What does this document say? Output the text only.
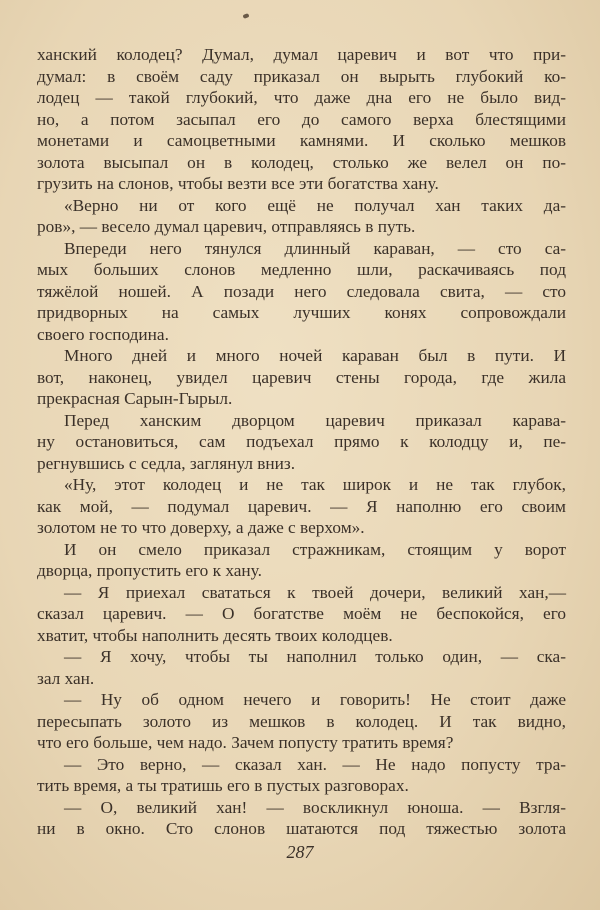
ханский колодец? Думал, думал царевич и вот что при-
думал: в своём саду приказал он вырыть глубокий ко-
лодец — такой глубокий, что даже дна его не было вид-
но, а потом засыпал его до самого верха блестящими
монетами и самоцветными камнями. И сколько мешков
золота высыпал он в колодец, столько же велел он по-
грузить на слонов, чтобы везти все эти богатства хану.
«Верно ни от кого ещё не получал хан таких да-
ров», — весело думал царевич, отправляясь в путь.
Впереди него тянулся длинный караван, — сто са-
мых больших слонов медленно шли, раскачиваясь под
тяжёлой ношей. А позади него следовала свита, — сто
придворных на самых лучших конях сопровождали
своего господина.
Много дней и много ночей караван был в пути. И
вот, наконец, увидел царевич стены города, где жила
прекрасная Сарын-Гырыл.
Перед ханским дворцом царевич приказал карава-
ну остановиться, сам подъехал прямо к колодцу и, пе-
регнувшись с седла, заглянул вниз.
«Ну, этот колодец и не так широк и не так глубок,
как мой, — подумал царевич. — Я наполню его своим
золотом не то что доверху, а даже с верхом».
И он смело приказал стражникам, стоящим у ворот
дворца, пропустить его к хану.
— Я приехал свататься к твоей дочери, великий хан,—
сказал царевич. — О богатстве моём не беспокойся, его
хватит, чтобы наполнить десять твоих колодцев.
— Я хочу, чтобы ты наполнил только один, — ска-
зал хан.
— Ну об одном нечего и говорить! Не стоит даже
пересыпать золото из мешков в колодец. И так видно,
что его больше, чем надо. Зачем попусту тратить время?
— Это верно, — сказал хан. — Не надо попусту тра-
тить время, а ты тратишь его в пустых разговорах.
— О, великий хан! — воскликнул юноша. — Взгля-
ни в окно. Сто слонов шатаются под тяжестью золота
287
